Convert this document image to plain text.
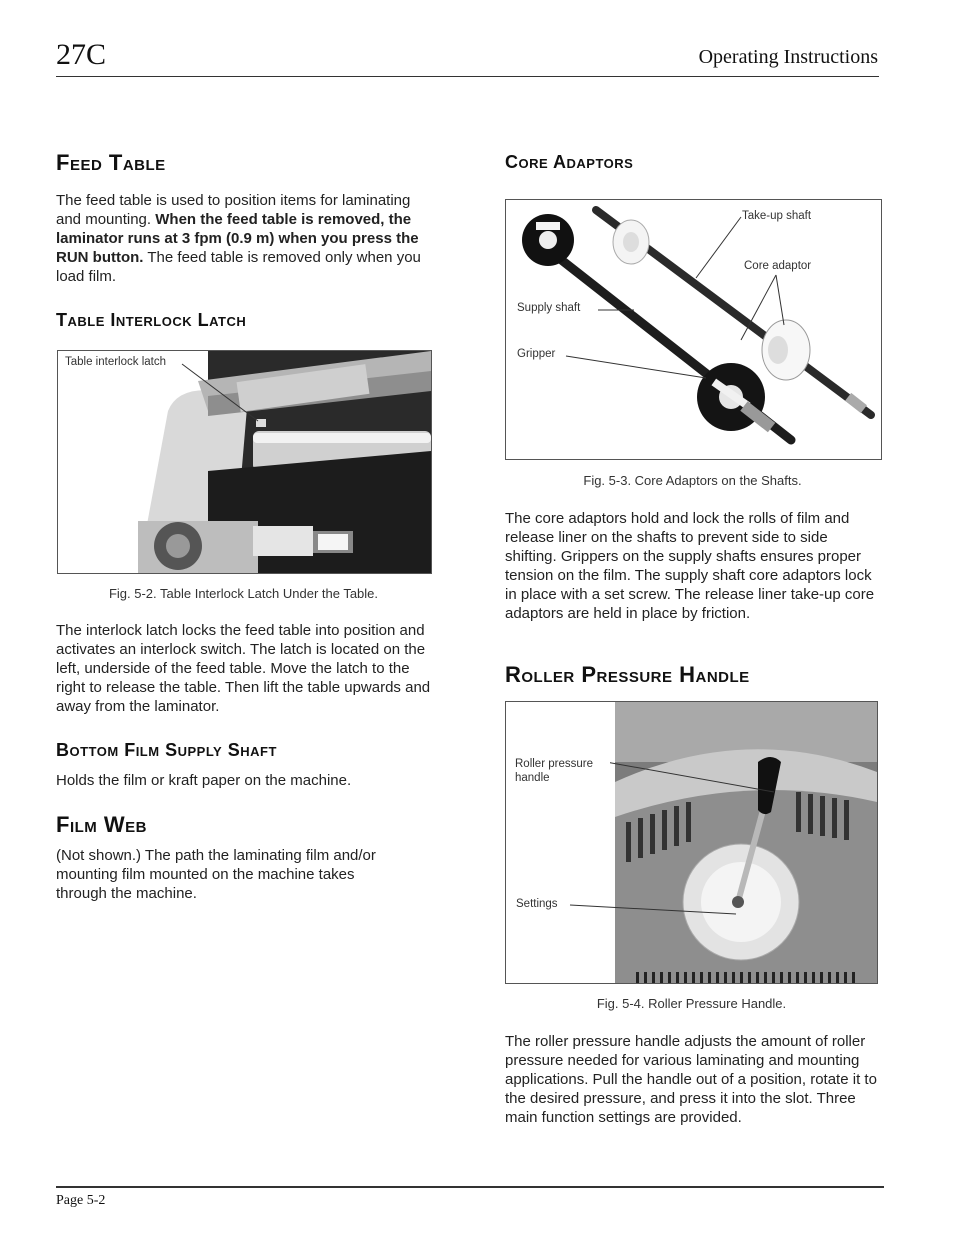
27C	Operating Instructions
Feed Table

The feed table is used to position items for laminating and mounting. When the feed table is removed, the laminator runs at 3 fpm (0.9 m) when you press the RUN button. The feed table is removed only when you load film.

Table Interlock Latch
Table interlock latch
Fig. 5-2. Table Interlock Latch Under the Table.

The interlock latch locks the feed table into position and activates an interlock switch. The latch is located on the left, underside of the feed table. Move the latch to the right to release the table. Then lift the table upwards and away from the laminator.

Bottom Film Supply Shaft

Holds the film or kraft paper on the machine.

Film Web

(Not shown.) The path the laminating film and/or mounting film mounted on the machine takes through the machine.

Core Adaptors
Take-up shaft
Core adaptor
Supply shaft
Gripper
Fig. 5-3. Core Adaptors on the Shafts.

The core adaptors hold and lock the rolls of film and release liner on the shafts to prevent side to side shifting. Grippers on the supply shafts ensures proper tension on the film. The supply shaft core adaptors lock in place with a set screw. The release liner take-up core adaptors are held in place by friction.

Roller Pressure Handle
Roller pressure handle
Settings
Fig. 5-4. Roller Pressure Handle.

The roller pressure handle adjusts the amount of roller pressure needed for various laminating and mounting applications. Pull the handle out of a position, rotate it to the desired pressure, and press it into the slot. Three main function settings are provided.

Page 5-2
